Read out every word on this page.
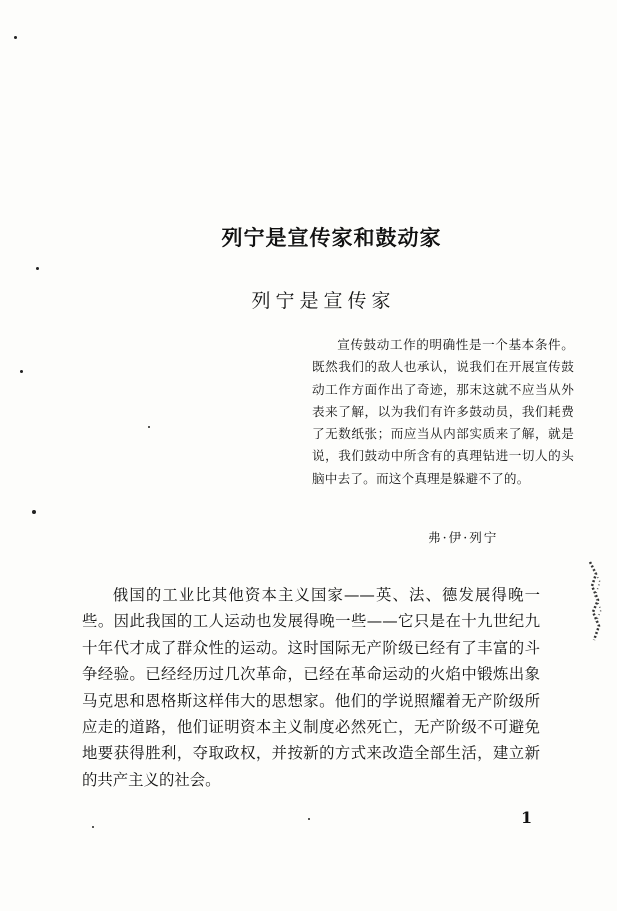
列宁是宣传家和鼓动家
列宁是宣传家
宣传鼓动工作的明确性是一个基本条件。既然我们的敌人也承认，说我们在开展宣传鼓动工作方面作出了奇迹，那末这就不应当从外表来了解，以为我们有许多鼓动员，我们耗费了无数纸张；而应当从内部实质来了解，就是说，我们鼓动中所含有的真理钻进一切人的头脑中去了。而这个真理是躲避不了的。
弗·伊·列宁
俄国的工业比其他资本主义国家——英、法、德发展得晚一些。因此我国的工人运动也发展得晚一些——它只是在十九世纪九十年代才成了群众性的运动。这时国际无产阶级已经有了丰富的斗争经验。已经经历过几次革命，已经在革命运动的火焰中锻炼出象马克思和恩格斯这样伟大的思想家。他们的学说照耀着无产阶级所应走的道路，他们证明资本主义制度必然死亡，无产阶级不可避免地要获得胜利，夺取政权，并按新的方式来改造全部生活，建立新的共产主义的社会。
1
